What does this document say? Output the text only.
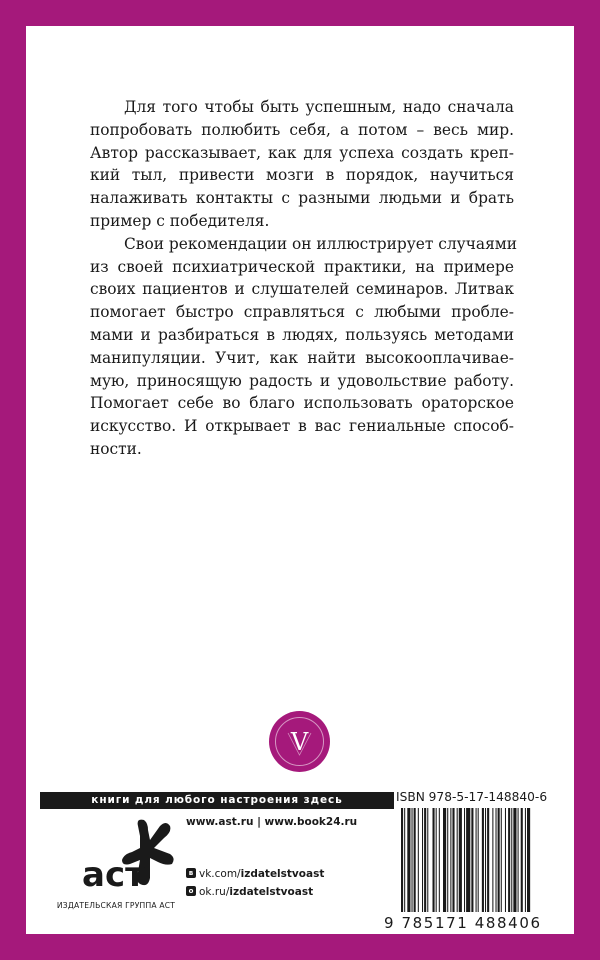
Для того чтобы быть успешным, надо сначала
попробовать полюбить себя, а потом – весь мир.
Автор рассказывает, как для успеха создать креп-
кий тыл, привести мозги в порядок, научиться
налаживать контакты с разными людьми и брать
пример с победителя.

Свои рекомендации он иллюстрирует случаями
из своей психиатрической практики, на примере
своих пациентов и слушателей семинаров. Литвак
помогает быстро справляться с любыми пробле-
мами и разбираться в людях, пользуясь методами
манипуляции. Учит, как найти высокооплачивае-
мую, приносящую радость и удовольствие работу.
Помогает себе во благо использовать ораторское
искусство. И открывает в вас гениальные способ-
ности.

V
книги для любого настроения здесь
аст
ИЗДАТЕЛЬСКАЯ ГРУППА АСТ
www.ast.ru | www.book24.ru
в vk.com/izdatelstvoast
о ok.ru/izdatelstvoast
ISBN 978-5-17-148840-6
9 785171 488406
